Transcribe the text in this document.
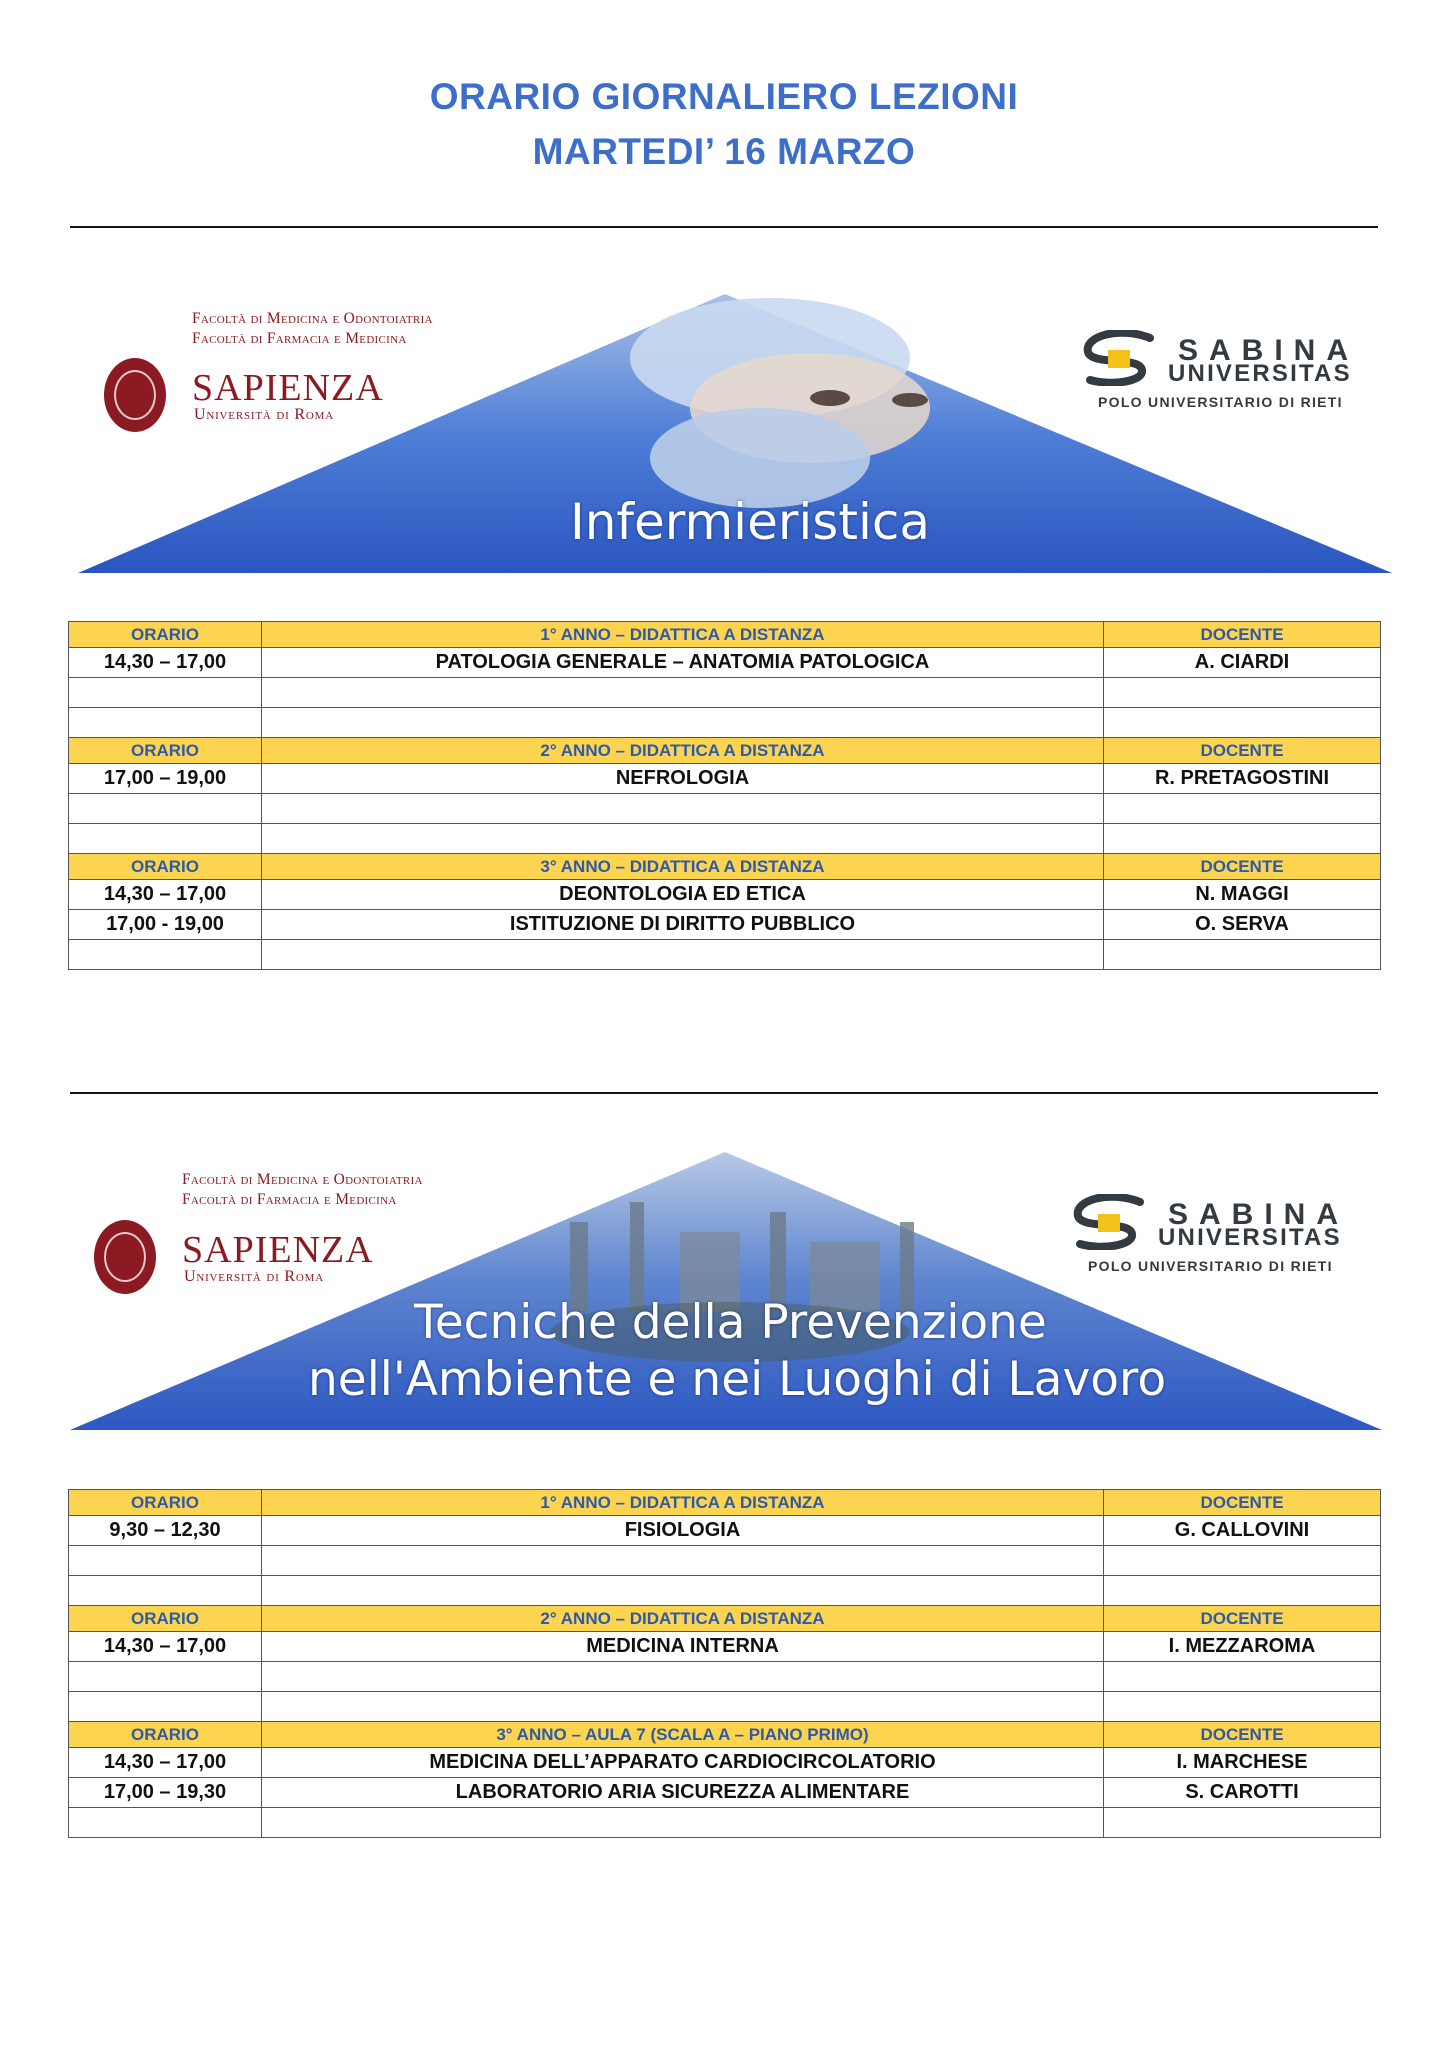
ORARIO GIORNALIERO LEZIONI
MARTEDI’ 16 MARZO
Facoltà di Medicina e Odontoiatria
Facoltà di Farmacia e Medicina
SAPIENZA
Università di Roma
SABINA
UNIVERSITAS
POLO UNIVERSITARIO DI RIETI
Infermieristica
ORARIO	1° ANNO – DIDATTICA A DISTANZA	DOCENTE
14,30 – 17,00	PATOLOGIA GENERALE – ANATOMIA PATOLOGICA	A. CIARDI

ORARIO	2° ANNO – DIDATTICA A DISTANZA	DOCENTE
17,00 – 19,00	NEFROLOGIA	R. PRETAGOSTINI

ORARIO	3° ANNO – DIDATTICA A DISTANZA	DOCENTE
14,30 – 17,00	DEONTOLOGIA ED ETICA	N. MAGGI
17,00 - 19,00	ISTITUZIONE DI DIRITTO PUBBLICO	O. SERVA

Facoltà di Medicina e Odontoiatria
Facoltà di Farmacia e Medicina
SAPIENZA
Università di Roma
SABINA
UNIVERSITAS
POLO UNIVERSITARIO DI RIETI
Tecniche della Prevenzione
nell'Ambiente e nei Luoghi di Lavoro
ORARIO	1° ANNO – DIDATTICA A DISTANZA	DOCENTE
9,30 – 12,30	FISIOLOGIA	G. CALLOVINI

ORARIO	2° ANNO – DIDATTICA A DISTANZA	DOCENTE
14,30 – 17,00	MEDICINA INTERNA	I. MEZZAROMA

ORARIO	3° ANNO – AULA 7 (SCALA A – PIANO PRIMO)	DOCENTE
14,30 – 17,00	MEDICINA DELL’APPARATO CARDIOCIRCOLATORIO	I. MARCHESE
17,00 – 19,30	LABORATORIO ARIA SICUREZZA ALIMENTARE	S. CAROTTI
